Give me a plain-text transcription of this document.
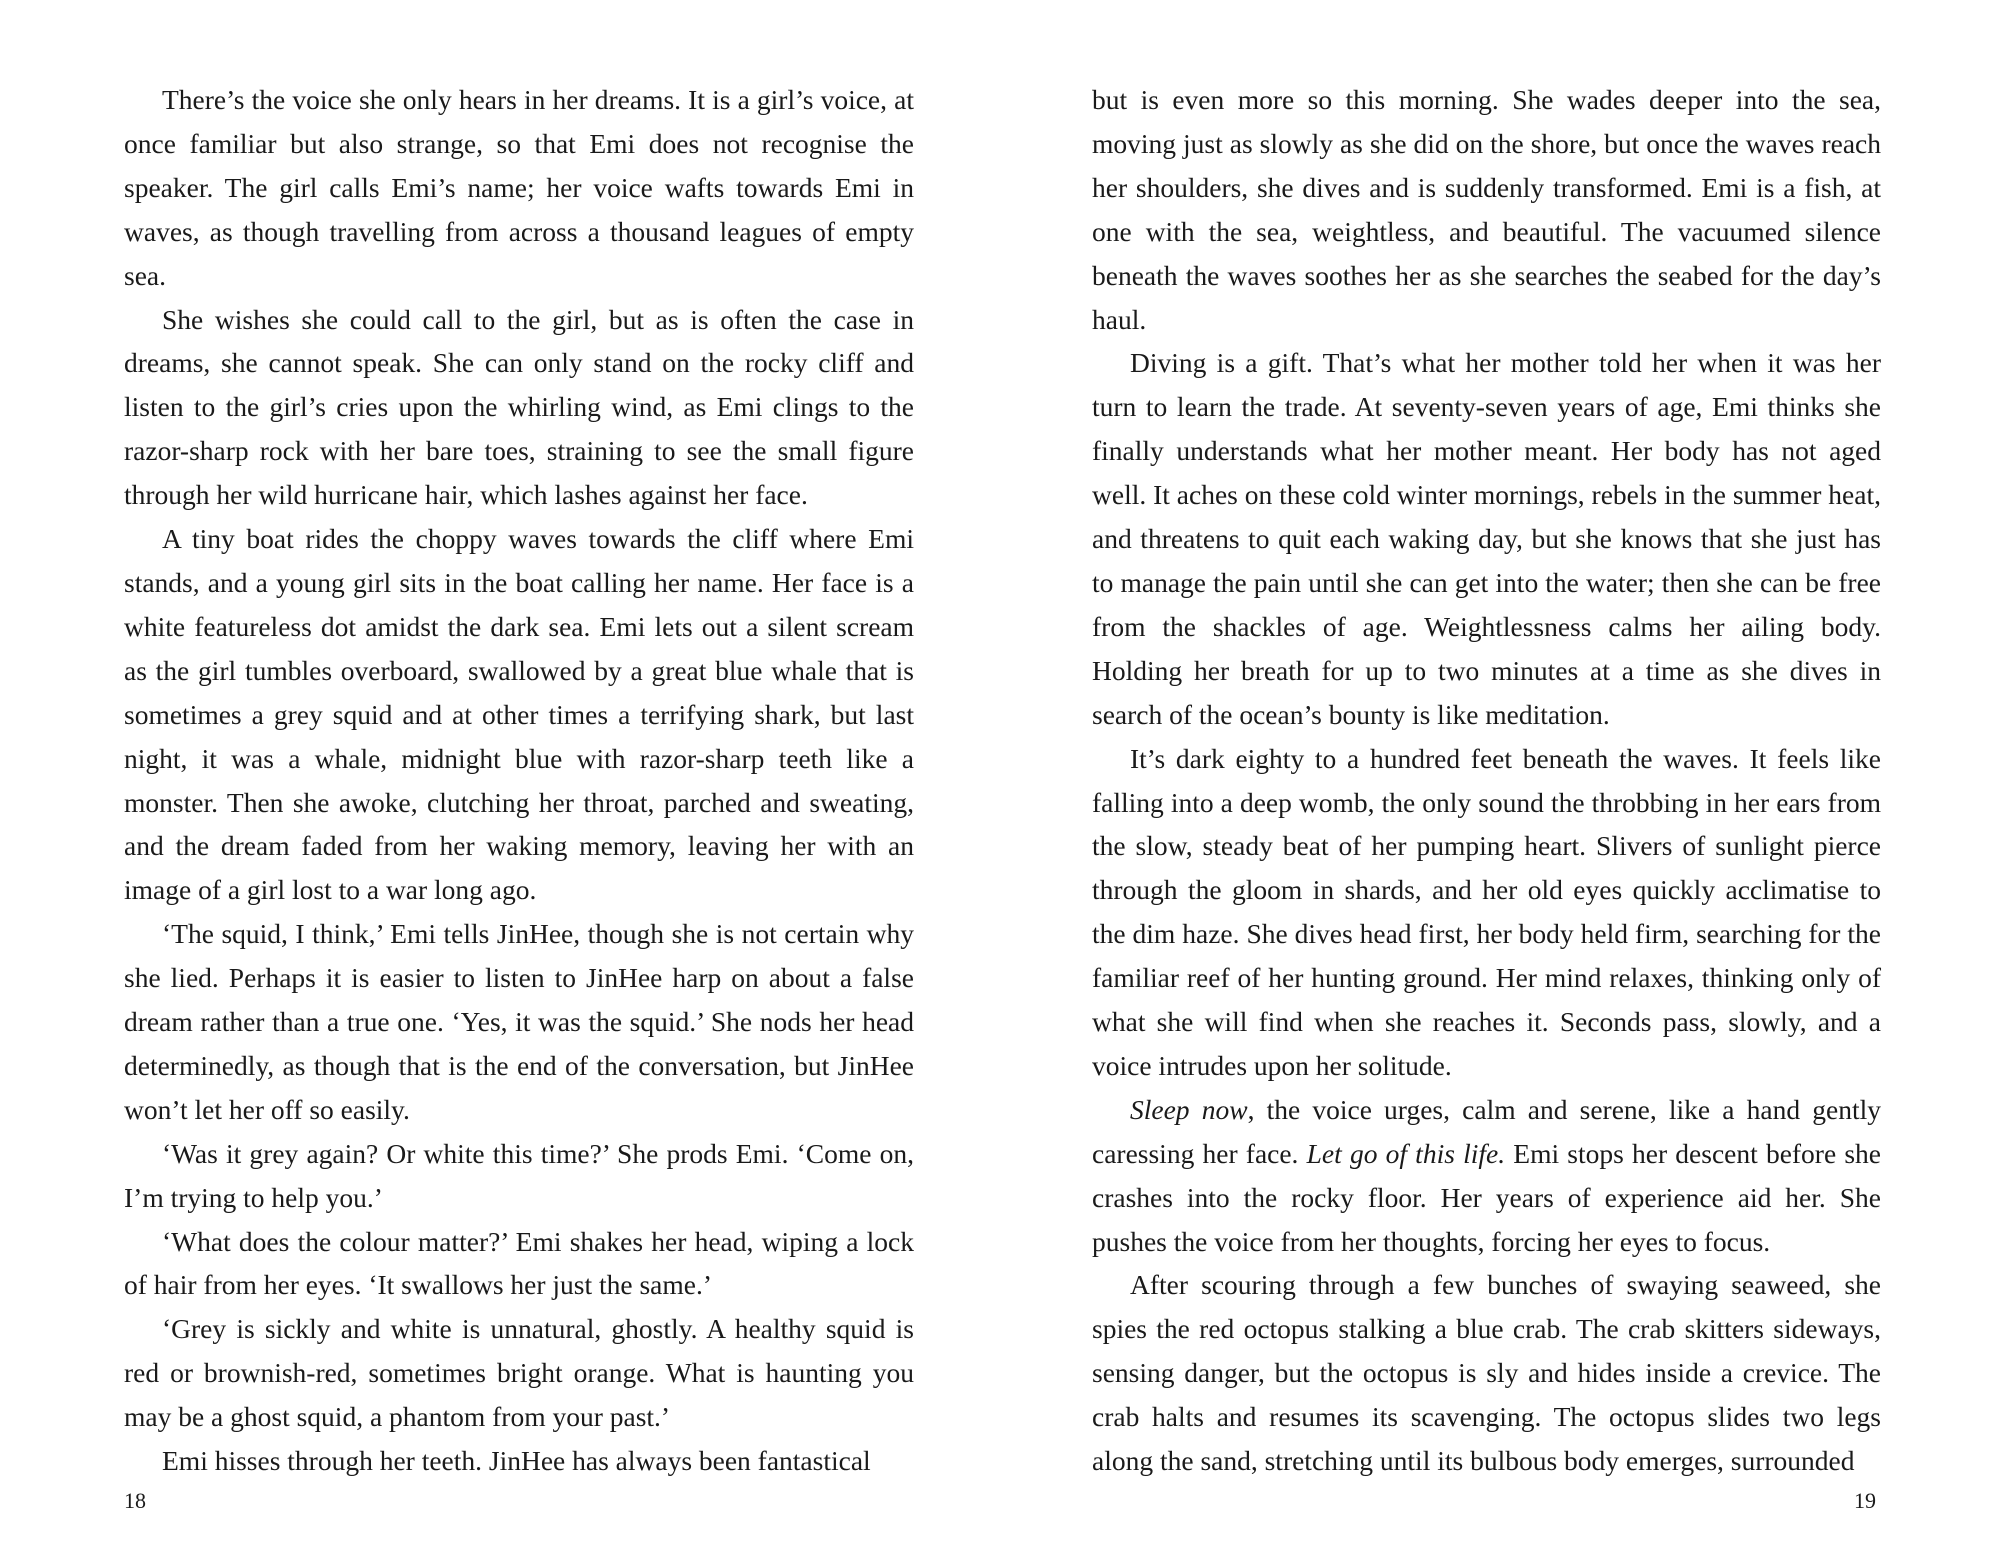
There’s the voice she only hears in her dreams. It is a girl’s voice, at once familiar but also strange, so that Emi does not recognise the speaker. The girl calls Emi’s name; her voice wafts towards Emi in waves, as though travelling from across a thousand leagues of empty sea.

She wishes she could call to the girl, but as is often the case in dreams, she cannot speak. She can only stand on the rocky cliff and listen to the girl’s cries upon the whirling wind, as Emi clings to the razor-sharp rock with her bare toes, straining to see the small figure through her wild hurricane hair, which lashes against her face.

A tiny boat rides the choppy waves towards the cliff where Emi stands, and a young girl sits in the boat calling her name. Her face is a white featureless dot amidst the dark sea. Emi lets out a silent scream as the girl tumbles overboard, swallowed by a great blue whale that is sometimes a grey squid and at other times a terrifying shark, but last night, it was a whale, midnight blue with razor-sharp teeth like a monster. Then she awoke, clutching her throat, parched and sweating, and the dream faded from her waking memory, leaving her with an image of a girl lost to a war long ago.

‘The squid, I think,’ Emi tells JinHee, though she is not certain why she lied. Perhaps it is easier to listen to JinHee harp on about a false dream rather than a true one. ‘Yes, it was the squid.’ She nods her head determinedly, as though that is the end of the conversation, but JinHee won’t let her off so easily.

‘Was it grey again? Or white this time?’ She prods Emi. ‘Come on, I’m trying to help you.’

‘What does the colour matter?’ Emi shakes her head, wiping a lock of hair from her eyes. ‘It swallows her just the same.’

‘Grey is sickly and white is unnatural, ghostly. A healthy squid is red or brownish-red, sometimes bright orange. What is haunting you may be a ghost squid, a phantom from your past.’

Emi hisses through her teeth. JinHee has always been fantastical

18

but is even more so this morning. She wades deeper into the sea, moving just as slowly as she did on the shore, but once the waves reach her shoulders, she dives and is suddenly transformed. Emi is a fish, at one with the sea, weightless, and beautiful. The vacuumed silence beneath the waves soothes her as she searches the seabed for the day’s haul.

Diving is a gift. That’s what her mother told her when it was her turn to learn the trade. At seventy-seven years of age, Emi thinks she finally understands what her mother meant. Her body has not aged well. It aches on these cold winter mornings, rebels in the summer heat, and threatens to quit each waking day, but she knows that she just has to manage the pain until she can get into the water; then she can be free from the shackles of age. Weightlessness calms her ailing body. Holding her breath for up to two minutes at a time as she dives in search of the ocean’s bounty is like meditation.

It’s dark eighty to a hundred feet beneath the waves. It feels like falling into a deep womb, the only sound the throbbing in her ears from the slow, steady beat of her pumping heart. Slivers of sunlight pierce through the gloom in shards, and her old eyes quickly acclimatise to the dim haze. She dives head first, her body held firm, searching for the familiar reef of her hunting ground. Her mind relaxes, thinking only of what she will find when she reaches it. Seconds pass, slowly, and a voice intrudes upon her solitude.

Sleep now, the voice urges, calm and serene, like a hand gently caressing her face. Let go of this life. Emi stops her descent before she crashes into the rocky floor. Her years of experience aid her. She pushes the voice from her thoughts, forcing her eyes to focus.

After scouring through a few bunches of swaying seaweed, she spies the red octopus stalking a blue crab. The crab skitters sideways, sensing danger, but the octopus is sly and hides inside a crevice. The crab halts and resumes its scavenging. The octopus slides two legs along the sand, stretching until its bulbous body emerges, surrounded

19
